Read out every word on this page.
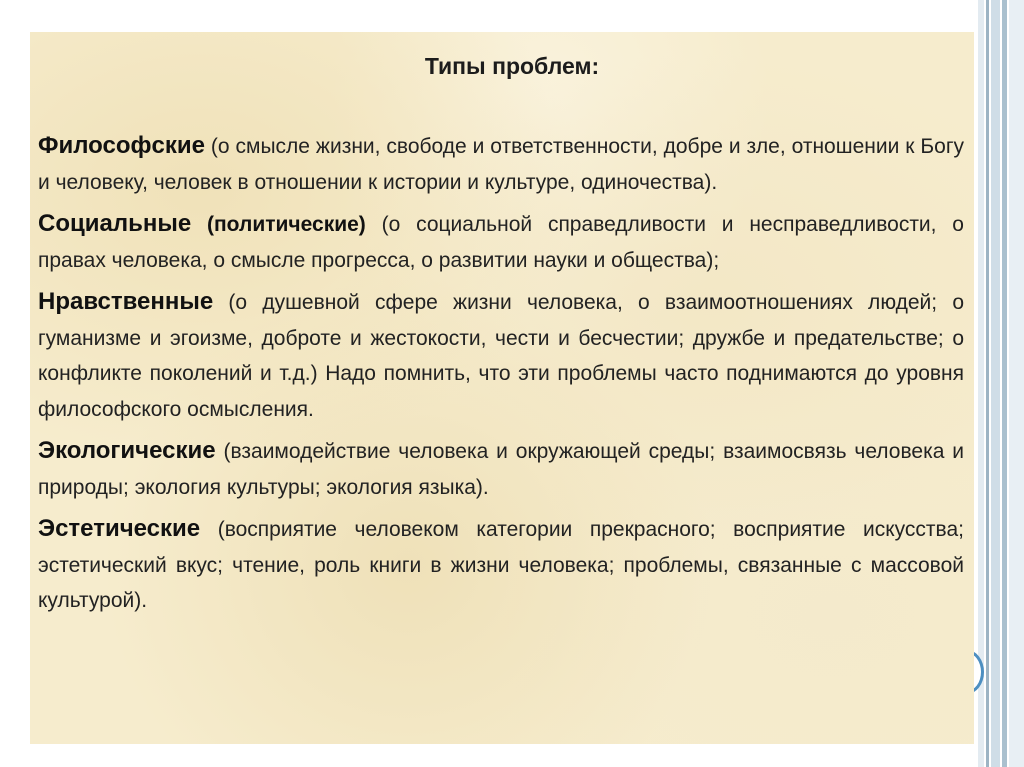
Типы проблем:

Философские (о смысле жизни, свободе и ответственности, добре и зле, отношении к Богу и человеку, человек в отношении к истории и культуре, одиночества).

Социальные (политические) (о социальной справедливости и несправедливости, о правах человека, о смысле прогресса, о развитии науки и общества);

Нравственные (о душевной сфере жизни человека, о взаимоотношениях людей; о гуманизме и эгоизме, доброте и жестокости, чести и бесчестии; дружбе и предательстве; о конфликте поколений и т.д.) Надо помнить, что эти проблемы часто поднимаются до уровня философского осмысления.

Экологические (взаимодействие человека и окружающей среды; взаимосвязь человека и природы; экология культуры; экология языка).

Эстетические (восприятие человеком категории прекрасного; восприятие искусства; эстетический вкус; чтение, роль книги в жизни человека; проблемы, связанные с массовой культурой).
